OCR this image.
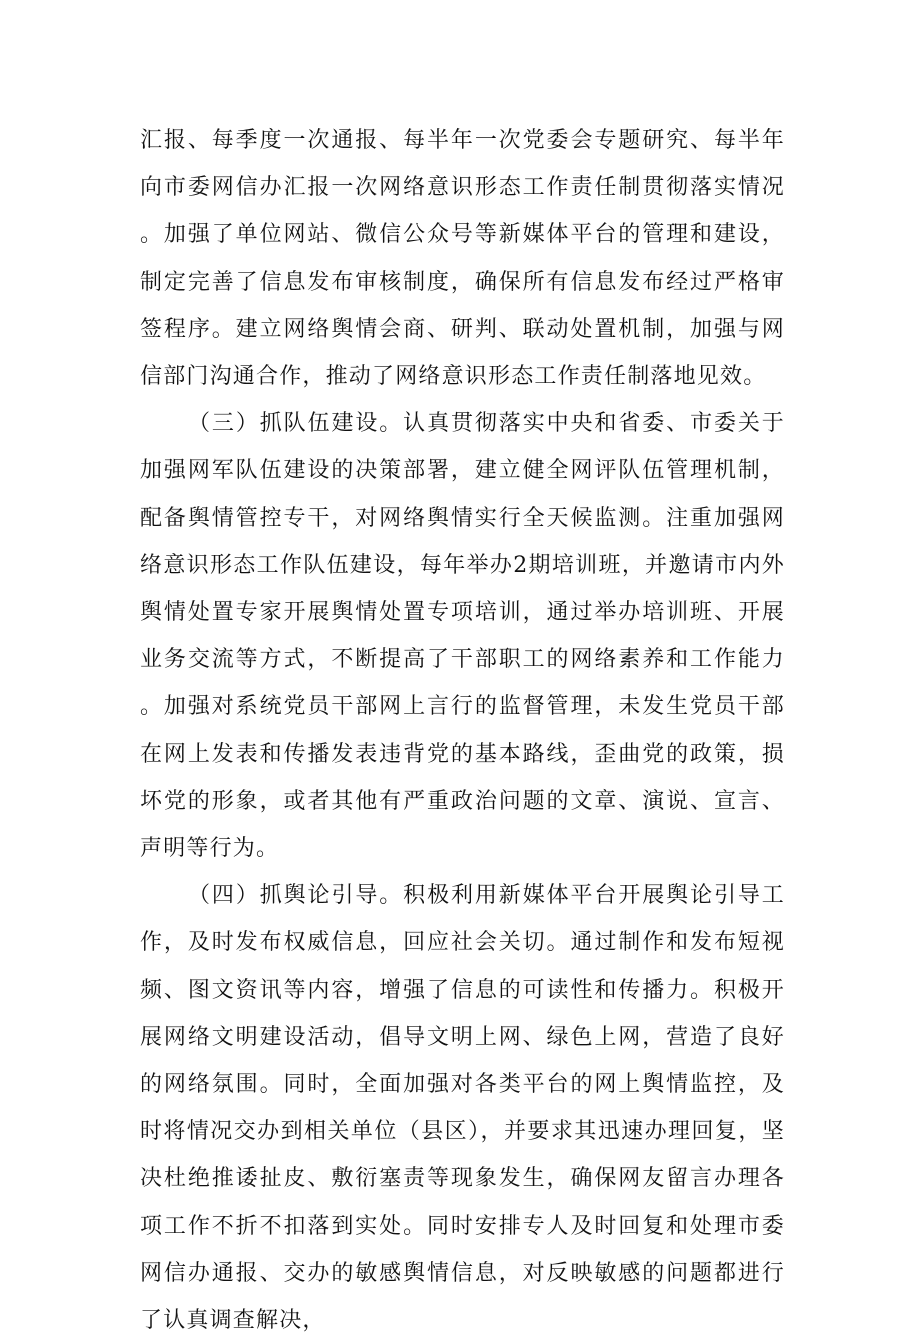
汇报、每季度一次通报、每半年一次党委会专题研究、每半年向市委网信办汇报一次网络意识形态工作责任制贯彻落实情况。加强了单位网站、微信公众号等新媒体平台的管理和建设，制定完善了信息发布审核制度，确保所有信息发布经过严格审签程序。建立网络舆情会商、研判、联动处置机制，加强与网信部门沟通合作，推动了网络意识形态工作责任制落地见效。

（三）抓队伍建设。认真贯彻落实中央和省委、市委关于加强网军队伍建设的决策部署，建立健全网评队伍管理机制，配备舆情管控专干，对网络舆情实行全天候监测。注重加强网络意识形态工作队伍建设，每年举办2期培训班，并邀请市内外舆情处置专家开展舆情处置专项培训，通过举办培训班、开展业务交流等方式，不断提高了干部职工的网络素养和工作能力。加强对系统党员干部网上言行的监督管理，未发生党员干部在网上发表和传播发表违背党的基本路线，歪曲党的政策，损坏党的形象，或者其他有严重政治问题的文章、演说、宣言、声明等行为。

（四）抓舆论引导。积极利用新媒体平台开展舆论引导工作，及时发布权威信息，回应社会关切。通过制作和发布短视频、图文资讯等内容，增强了信息的可读性和传播力。积极开展网络文明建设活动，倡导文明上网、绿色上网，营造了良好的网络氛围。同时，全面加强对各类平台的网上舆情监控，及时将情况交办到相关单位（县区），并要求其迅速办理回复，坚决杜绝推诿扯皮、敷衍塞责等现象发生，确保网友留言办理各项工作不折不扣落到实处。同时安排专人及时回复和处理市委网信办通报、交办的敏感舆情信息，对反映敏感的问题都进行了认真调查解决，
